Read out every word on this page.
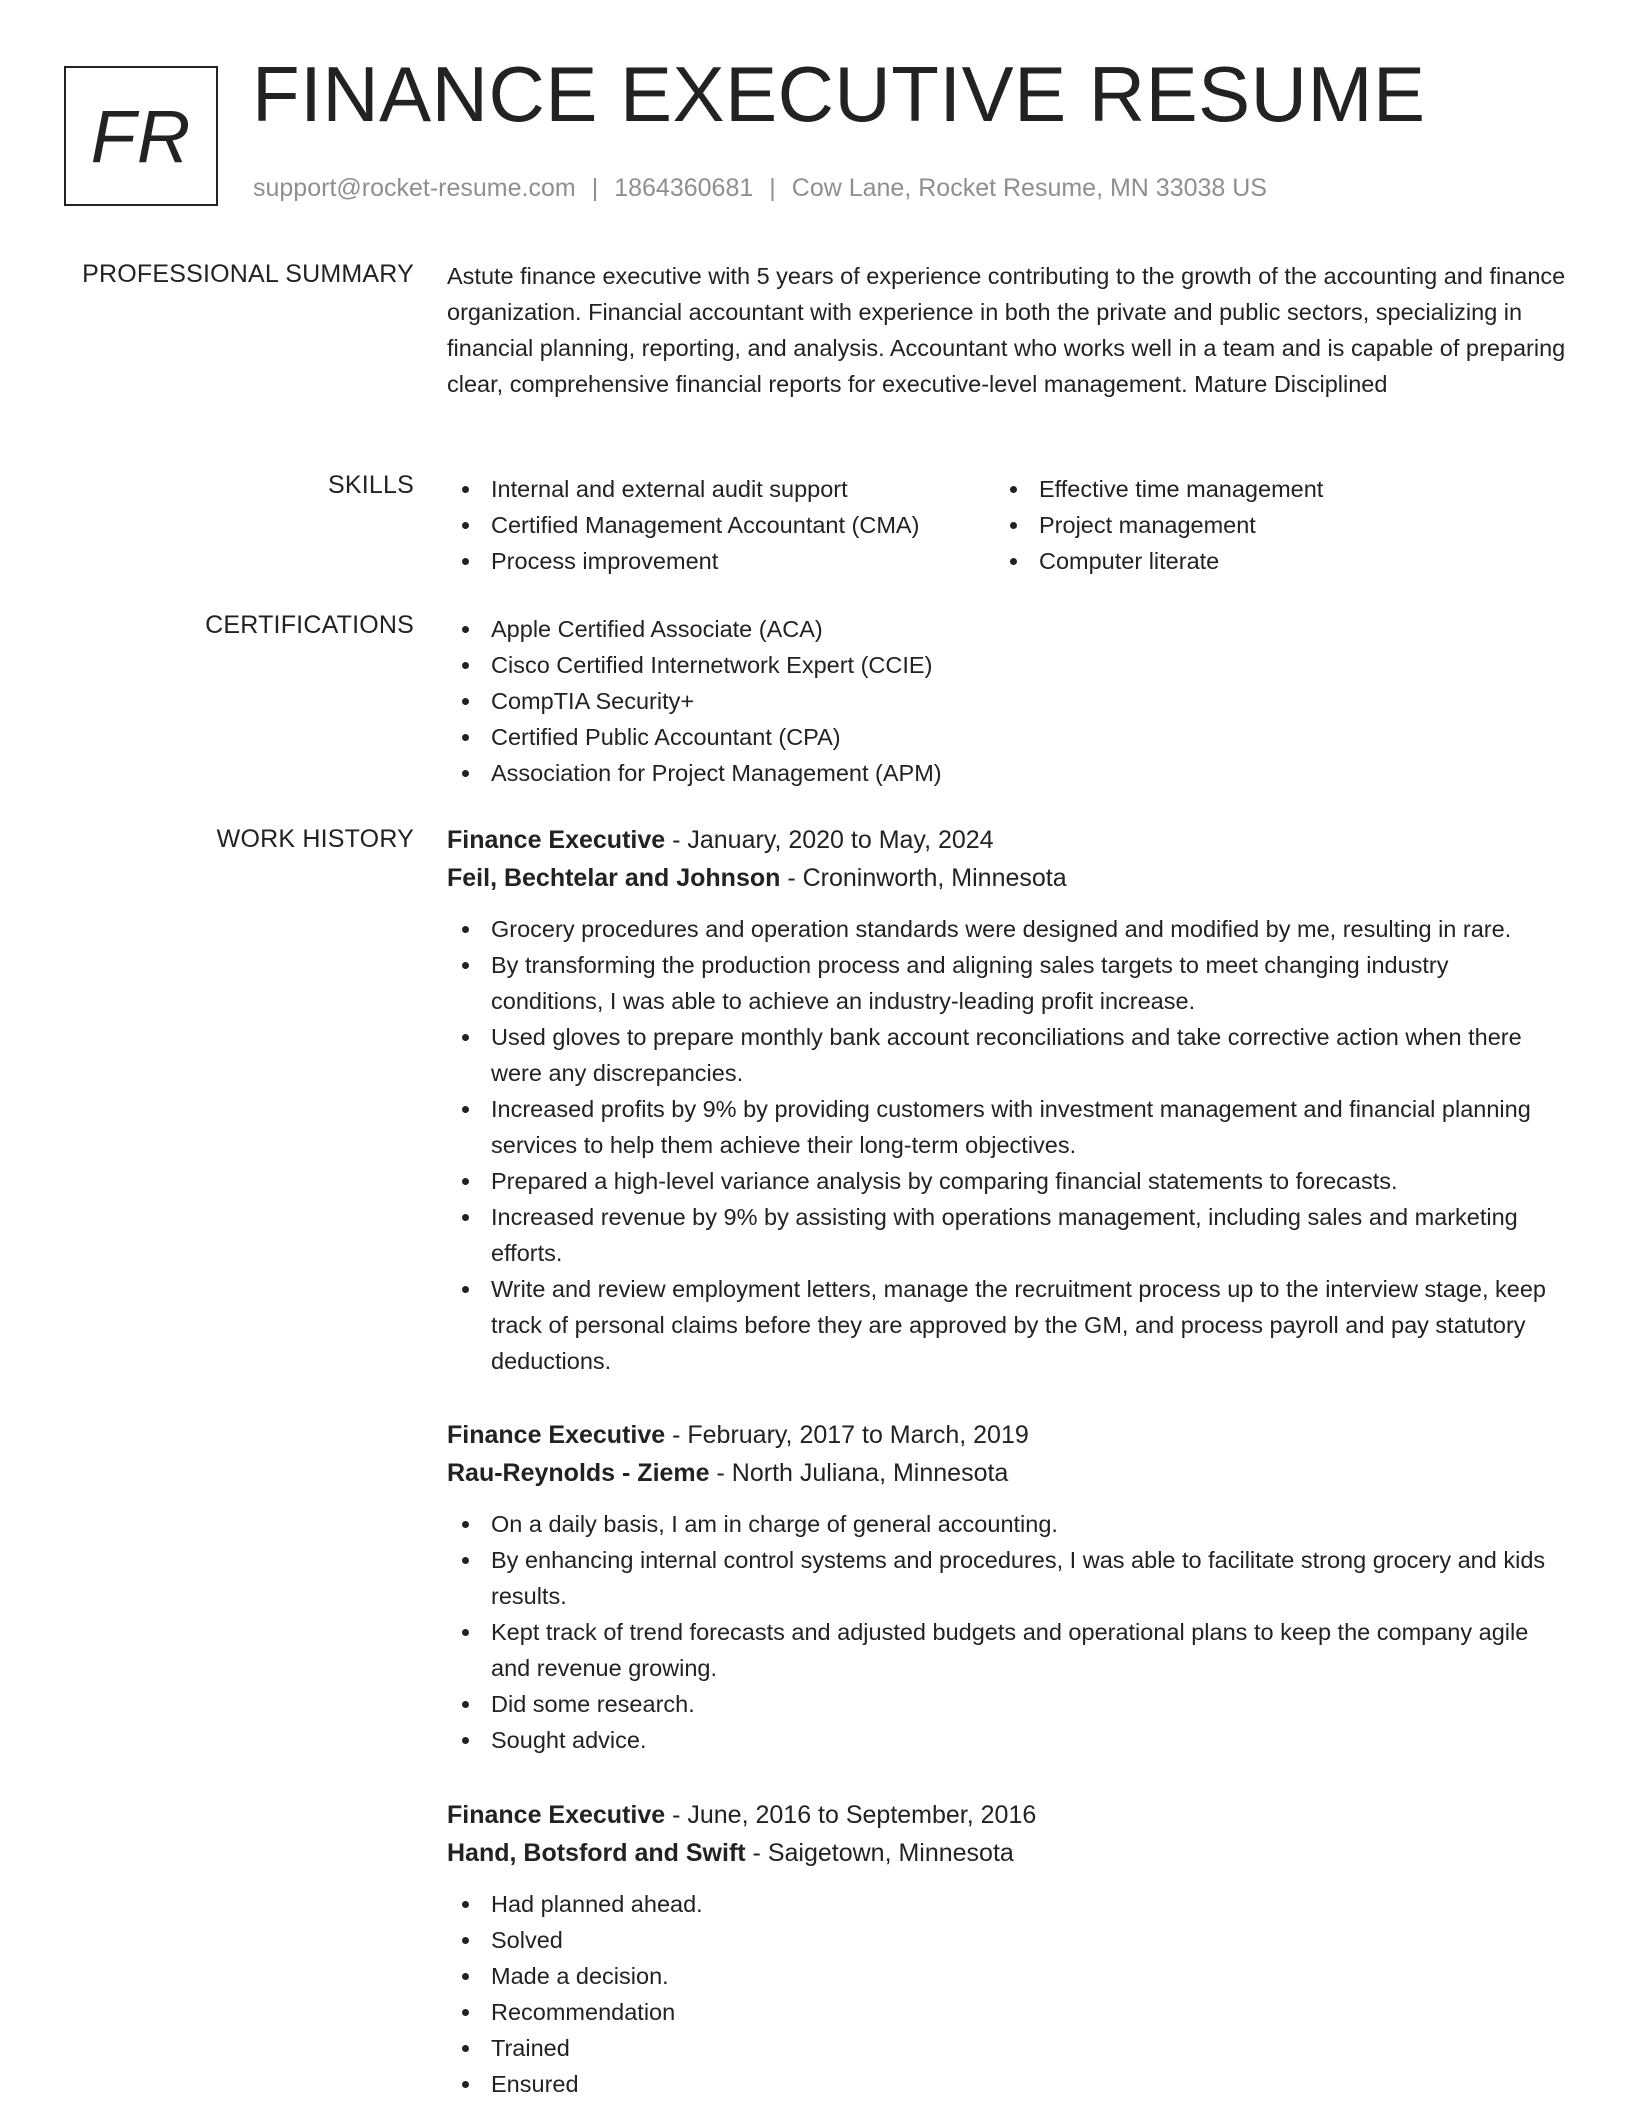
FR FINANCE EXECUTIVE RESUME
support@rocket-resume.com | 1864360681 | Cow Lane, Rocket Resume, MN 33038 US
PROFESSIONAL SUMMARY Astute finance executive with 5 years of experience contributing to the growth of the accounting and finance organization. Financial accountant with experience in both the private and public sectors, specializing in financial planning, reporting, and analysis. Accountant who works well in a team and is capable of preparing clear, comprehensive financial reports for executive-level management. Mature Disciplined

SKILLS	Internal and external audit support
Certified Management Accountant (CMA)
Process improvement
Effective time management
Project management
Computer literate
CERTIFICATIONS	Apple Certified Associate (ACA)
Cisco Certified Internetwork Expert (CCIE)
CompTIA Security+
Certified Public Accountant (CPA)
Association for Project Management (APM)
WORK HISTORY Finance Executive - January, 2020 to May, 2024
Feil, Bechtelar and Johnson - Croninworth, Minnesota
Grocery procedures and operation standards were designed and modified by me, resulting in rare.
By transforming the production process and aligning sales targets to meet changing industry conditions, I was able to achieve an industry-leading profit increase.
Used gloves to prepare monthly bank account reconciliations and take corrective action when there were any discrepancies.
Increased profits by 9% by providing customers with investment management and financial planning services to help them achieve their long-term objectives.
Prepared a high-level variance analysis by comparing financial statements to forecasts.
Increased revenue by 9% by assisting with operations management, including sales and marketing efforts.
Write and review employment letters, manage the recruitment process up to the interview stage, keep track of personal claims before they are approved by the GM, and process payroll and pay statutory deductions.
Finance Executive - February, 2017 to March, 2019
Rau-Reynolds - Zieme - North Juliana, Minnesota
On a daily basis, I am in charge of general accounting.
By enhancing internal control systems and procedures, I was able to facilitate strong grocery and kids results.
Kept track of trend forecasts and adjusted budgets and operational plans to keep the company agile and revenue growing.
Did some research.
Sought advice.
Finance Executive - June, 2016 to September, 2016
Hand, Botsford and Swift - Saigetown, Minnesota
Had planned ahead.
Solved
Made a decision.
Recommendation
Trained
Ensured
